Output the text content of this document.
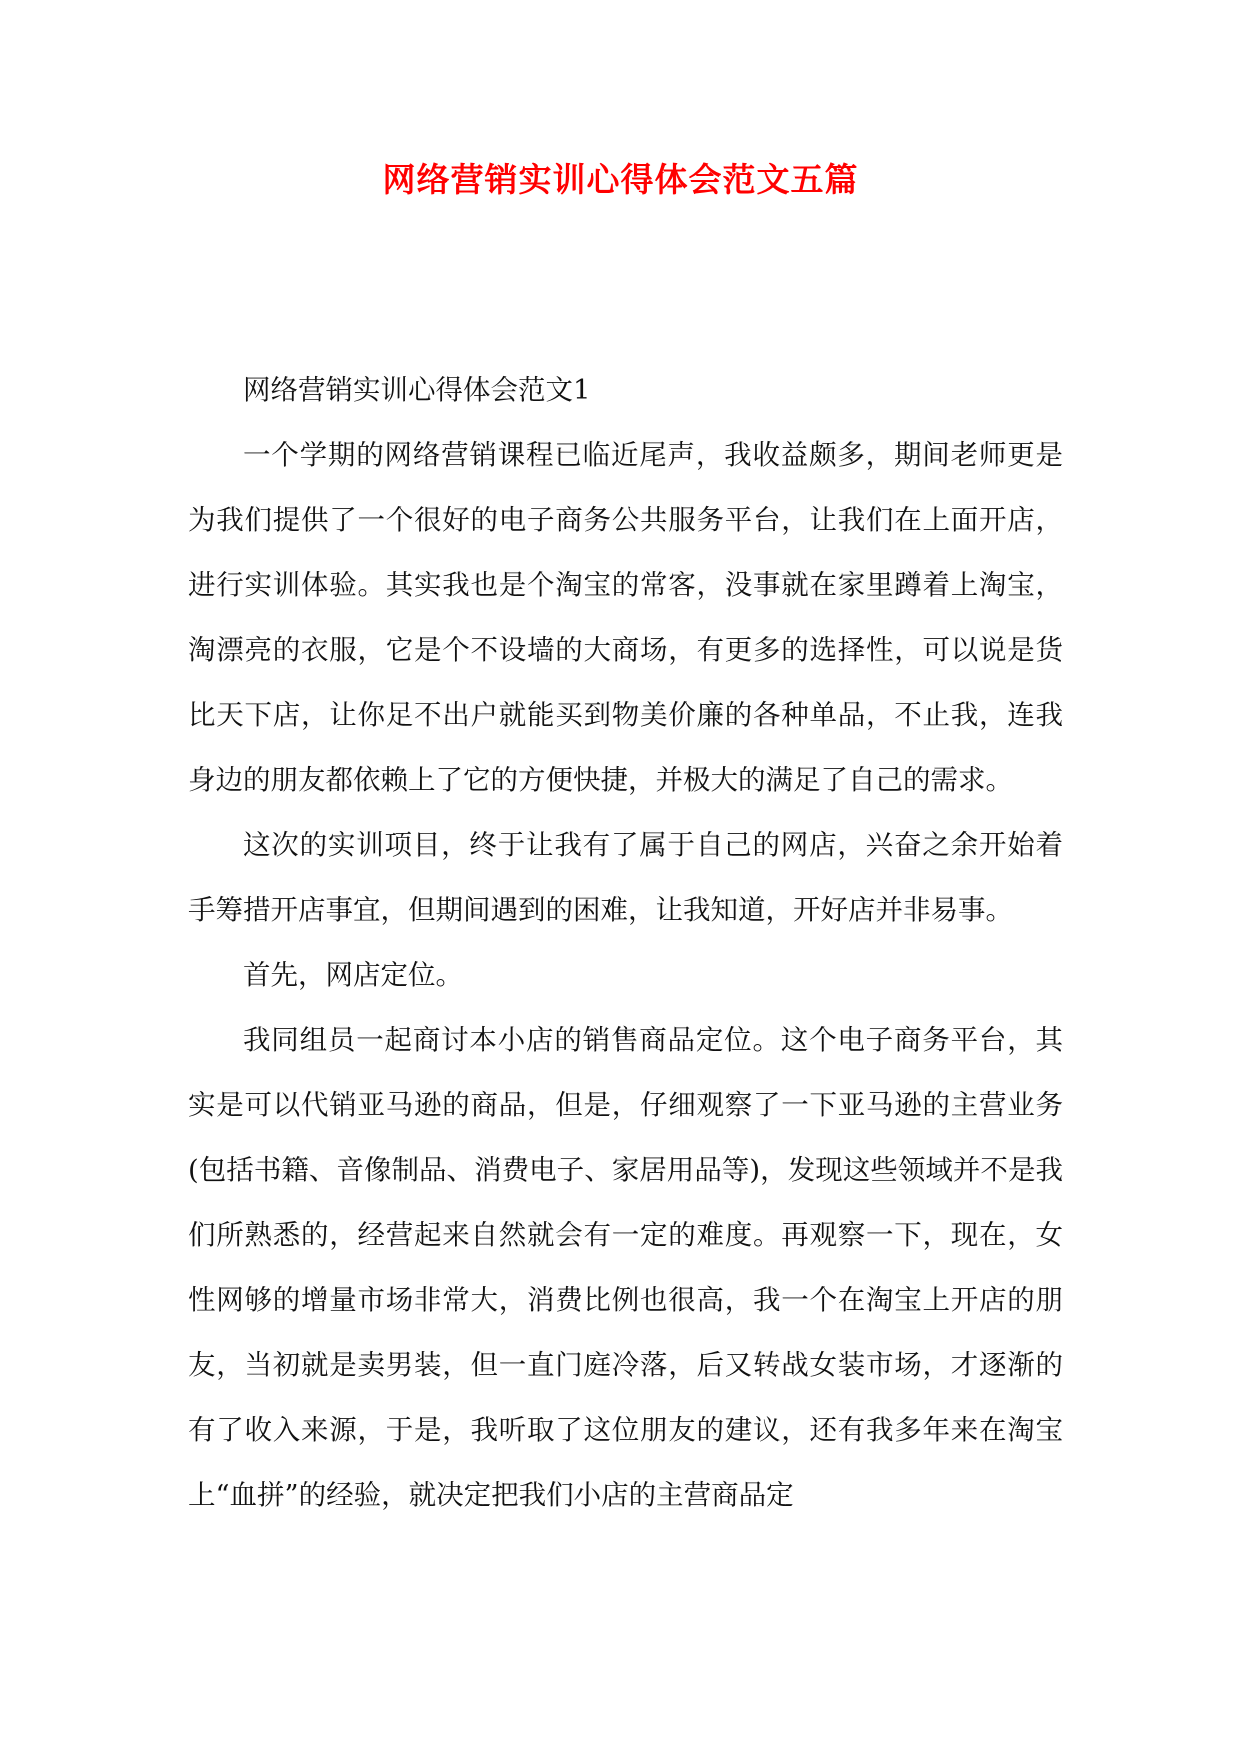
网络营销实训心得体会范文五篇

网络营销实训心得体会范文1

一个学期的网络营销课程已临近尾声，我收益颇多，期间老师更是为我们提供了一个很好的电子商务公共服务平台，让我们在上面开店，进行实训体验。其实我也是个淘宝的常客，没事就在家里蹲着上淘宝，淘漂亮的衣服，它是个不设墙的大商场，有更多的选择性，可以说是货比天下店，让你足不出户就能买到物美价廉的各种单品，不止我，连我身边的朋友都依赖上了它的方便快捷，并极大的满足了自己的需求。

这次的实训项目，终于让我有了属于自己的网店，兴奋之余开始着手筹措开店事宜，但期间遇到的困难，让我知道，开好店并非易事。

首先，网店定位。

我同组员一起商讨本小店的销售商品定位。这个电子商务平台，其实是可以代销亚马逊的商品，但是，仔细观察了一下亚马逊的主营业务(包括书籍、音像制品、消费电子、家居用品等)，发现这些领域并不是我们所熟悉的，经营起来自然就会有一定的难度。再观察一下，现在，女性网够的增量市场非常大，消费比例也很高，我一个在淘宝上开店的朋友，当初就是卖男装，但一直门庭冷落，后又转战女装市场，才逐渐的有了收入来源，于是，我听取了这位朋友的建议，还有我多年来在淘宝上“血拼”的经验，就决定把我们小店的主营商品定
